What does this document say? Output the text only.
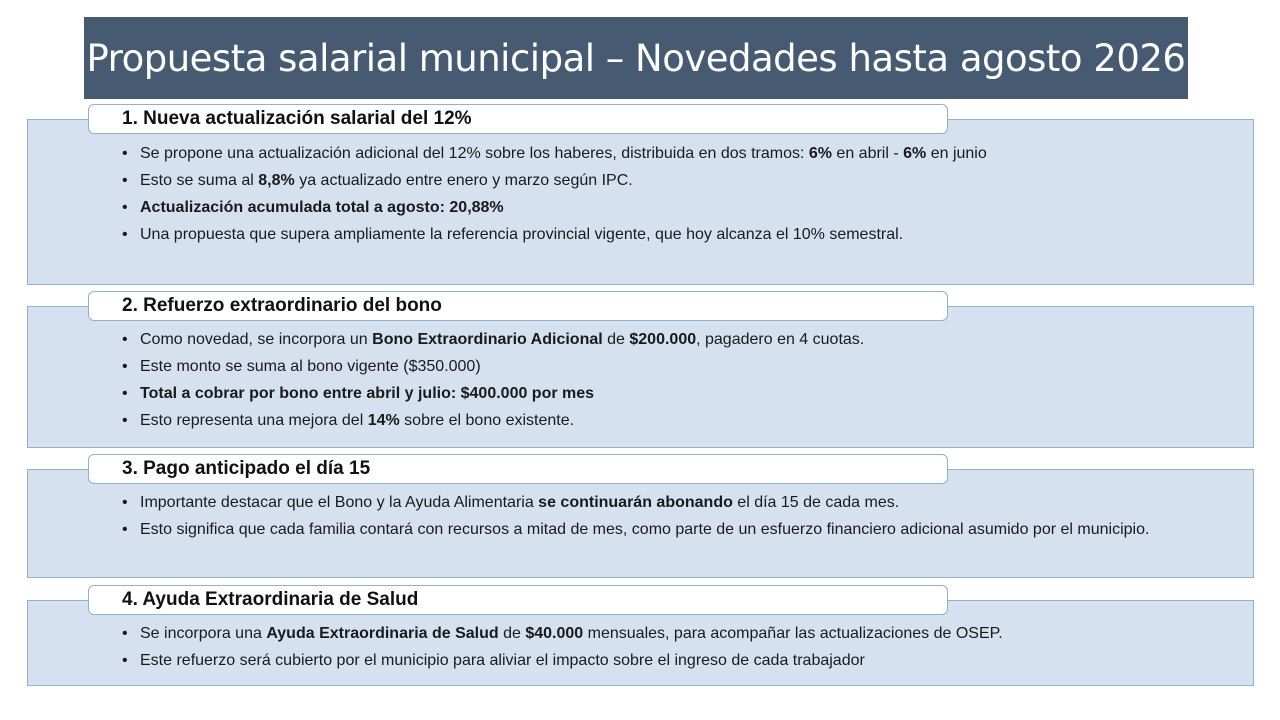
Propuesta salarial municipal – Novedades hasta agosto 2026
1. Nueva actualización salarial del 12%
• Se propone una actualización adicional del 12% sobre los haberes, distribuida en dos tramos: 6% en abril - 6% en junio
• Esto se suma al 8,8% ya actualizado entre enero y marzo según IPC.
• Actualización acumulada total a agosto: 20,88%
• Una propuesta que supera ampliamente la referencia provincial vigente, que hoy alcanza el 10% semestral.
2. Refuerzo extraordinario del bono
• Como novedad, se incorpora un Bono Extraordinario Adicional de $200.000, pagadero en 4 cuotas.
• Este monto se suma al bono vigente ($350.000)
• Total a cobrar por bono entre abril y julio: $400.000 por mes
• Esto representa una mejora del 14% sobre el bono existente.
3. Pago anticipado el día 15
• Importante destacar que el Bono y la Ayuda Alimentaria se continuarán abonando el día 15 de cada mes.
• Esto significa que cada familia contará con recursos a mitad de mes, como parte de un esfuerzo financiero adicional asumido por el municipio.
4. Ayuda Extraordinaria de Salud
• Se incorpora una Ayuda Extraordinaria de Salud de $40.000 mensuales, para acompañar las actualizaciones de OSEP.
• Este refuerzo será cubierto por el municipio para aliviar el impacto sobre el ingreso de cada trabajador
